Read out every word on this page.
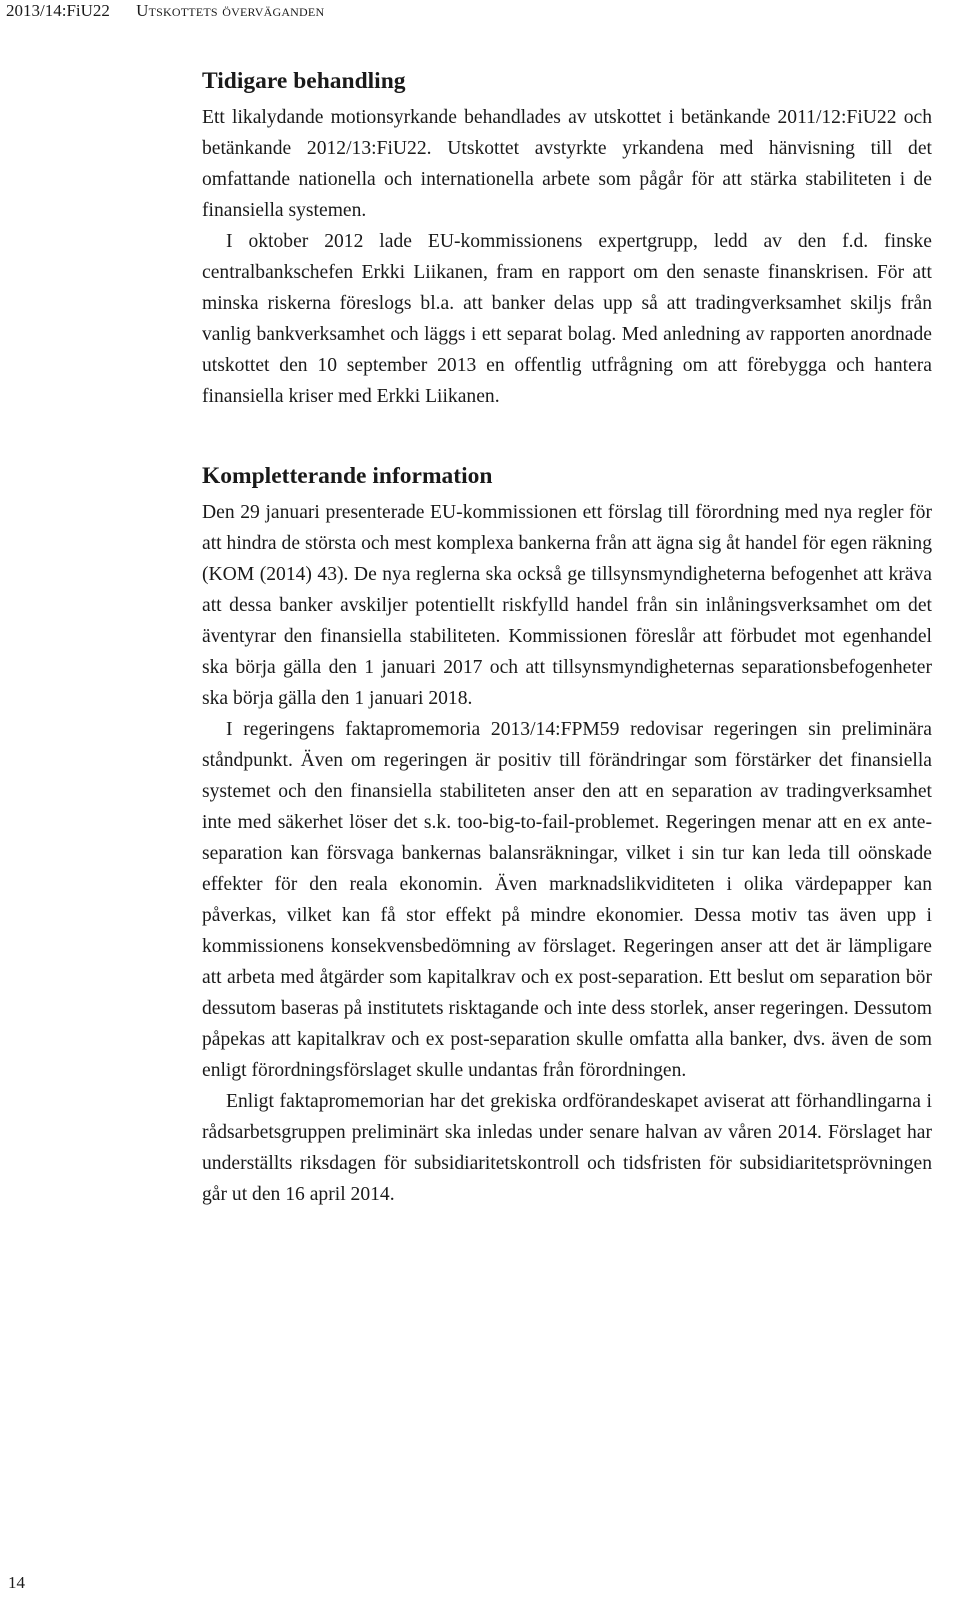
2013/14:FiU22 Utskottets överväganden
Tidigare behandling

Ett likalydande motionsyrkande behandlades av utskottet i betänkande 2011/12:FiU22 och betänkande 2012/13:FiU22. Utskottet avstyrkte yrkandena med hänvisning till det omfattande nationella och internationella arbete som pågår för att stärka stabiliteten i de finansiella systemen.

I oktober 2012 lade EU-kommissionens expertgrupp, ledd av den f.d. finske centralbankschefen Erkki Liikanen, fram en rapport om den senaste finanskrisen. För att minska riskerna föreslogs bl.a. att banker delas upp så att tradingverksamhet skiljs från vanlig bankverksamhet och läggs i ett separat bolag. Med anledning av rapporten anordnade utskottet den 10 september 2013 en offentlig utfrågning om att förebygga och hantera finansiella kriser med Erkki Liikanen.

Kompletterande information

Den 29 januari presenterade EU-kommissionen ett förslag till förordning med nya regler för att hindra de största och mest komplexa bankerna från att ägna sig åt handel för egen räkning (KOM (2014) 43). De nya reglerna ska också ge tillsynsmyndigheterna befogenhet att kräva att dessa banker avskiljer potentiellt riskfylld handel från sin inlåningsverksamhet om det äventyrar den finansiella stabiliteten. Kommissionen föreslår att förbudet mot egenhandel ska börja gälla den 1 januari 2017 och att tillsynsmyndigheternas separationsbefogenheter ska börja gälla den 1 januari 2018.

I regeringens faktapromemoria 2013/14:FPM59 redovisar regeringen sin preliminära ståndpunkt. Även om regeringen är positiv till förändringar som förstärker det finansiella systemet och den finansiella stabiliteten anser den att en separation av tradingverksamhet inte med säkerhet löser det s.k. too-big-to-fail-problemet. Regeringen menar att en ex ante-separation kan försvaga bankernas balansräkningar, vilket i sin tur kan leda till oönskade effekter för den reala ekonomin. Även marknadslikviditeten i olika värdepapper kan påverkas, vilket kan få stor effekt på mindre ekonomier. Dessa motiv tas även upp i kommissionens konsekvensbedömning av förslaget. Regeringen anser att det är lämpligare att arbeta med åtgärder som kapitalkrav och ex post-separation. Ett beslut om separation bör dessutom baseras på institutets risktagande och inte dess storlek, anser regeringen. Dessutom påpekas att kapitalkrav och ex post-separation skulle omfatta alla banker, dvs. även de som enligt förordningsförslaget skulle undantas från förordningen.

Enligt faktapromemorian har det grekiska ordförandeskapet aviserat att förhandlingarna i rådsarbetsgruppen preliminärt ska inledas under senare halvan av våren 2014. Förslaget har underställts riksdagen för subsidiaritetskontroll och tidsfristen för subsidiaritetsprövningen går ut den 16 april 2014.

14
